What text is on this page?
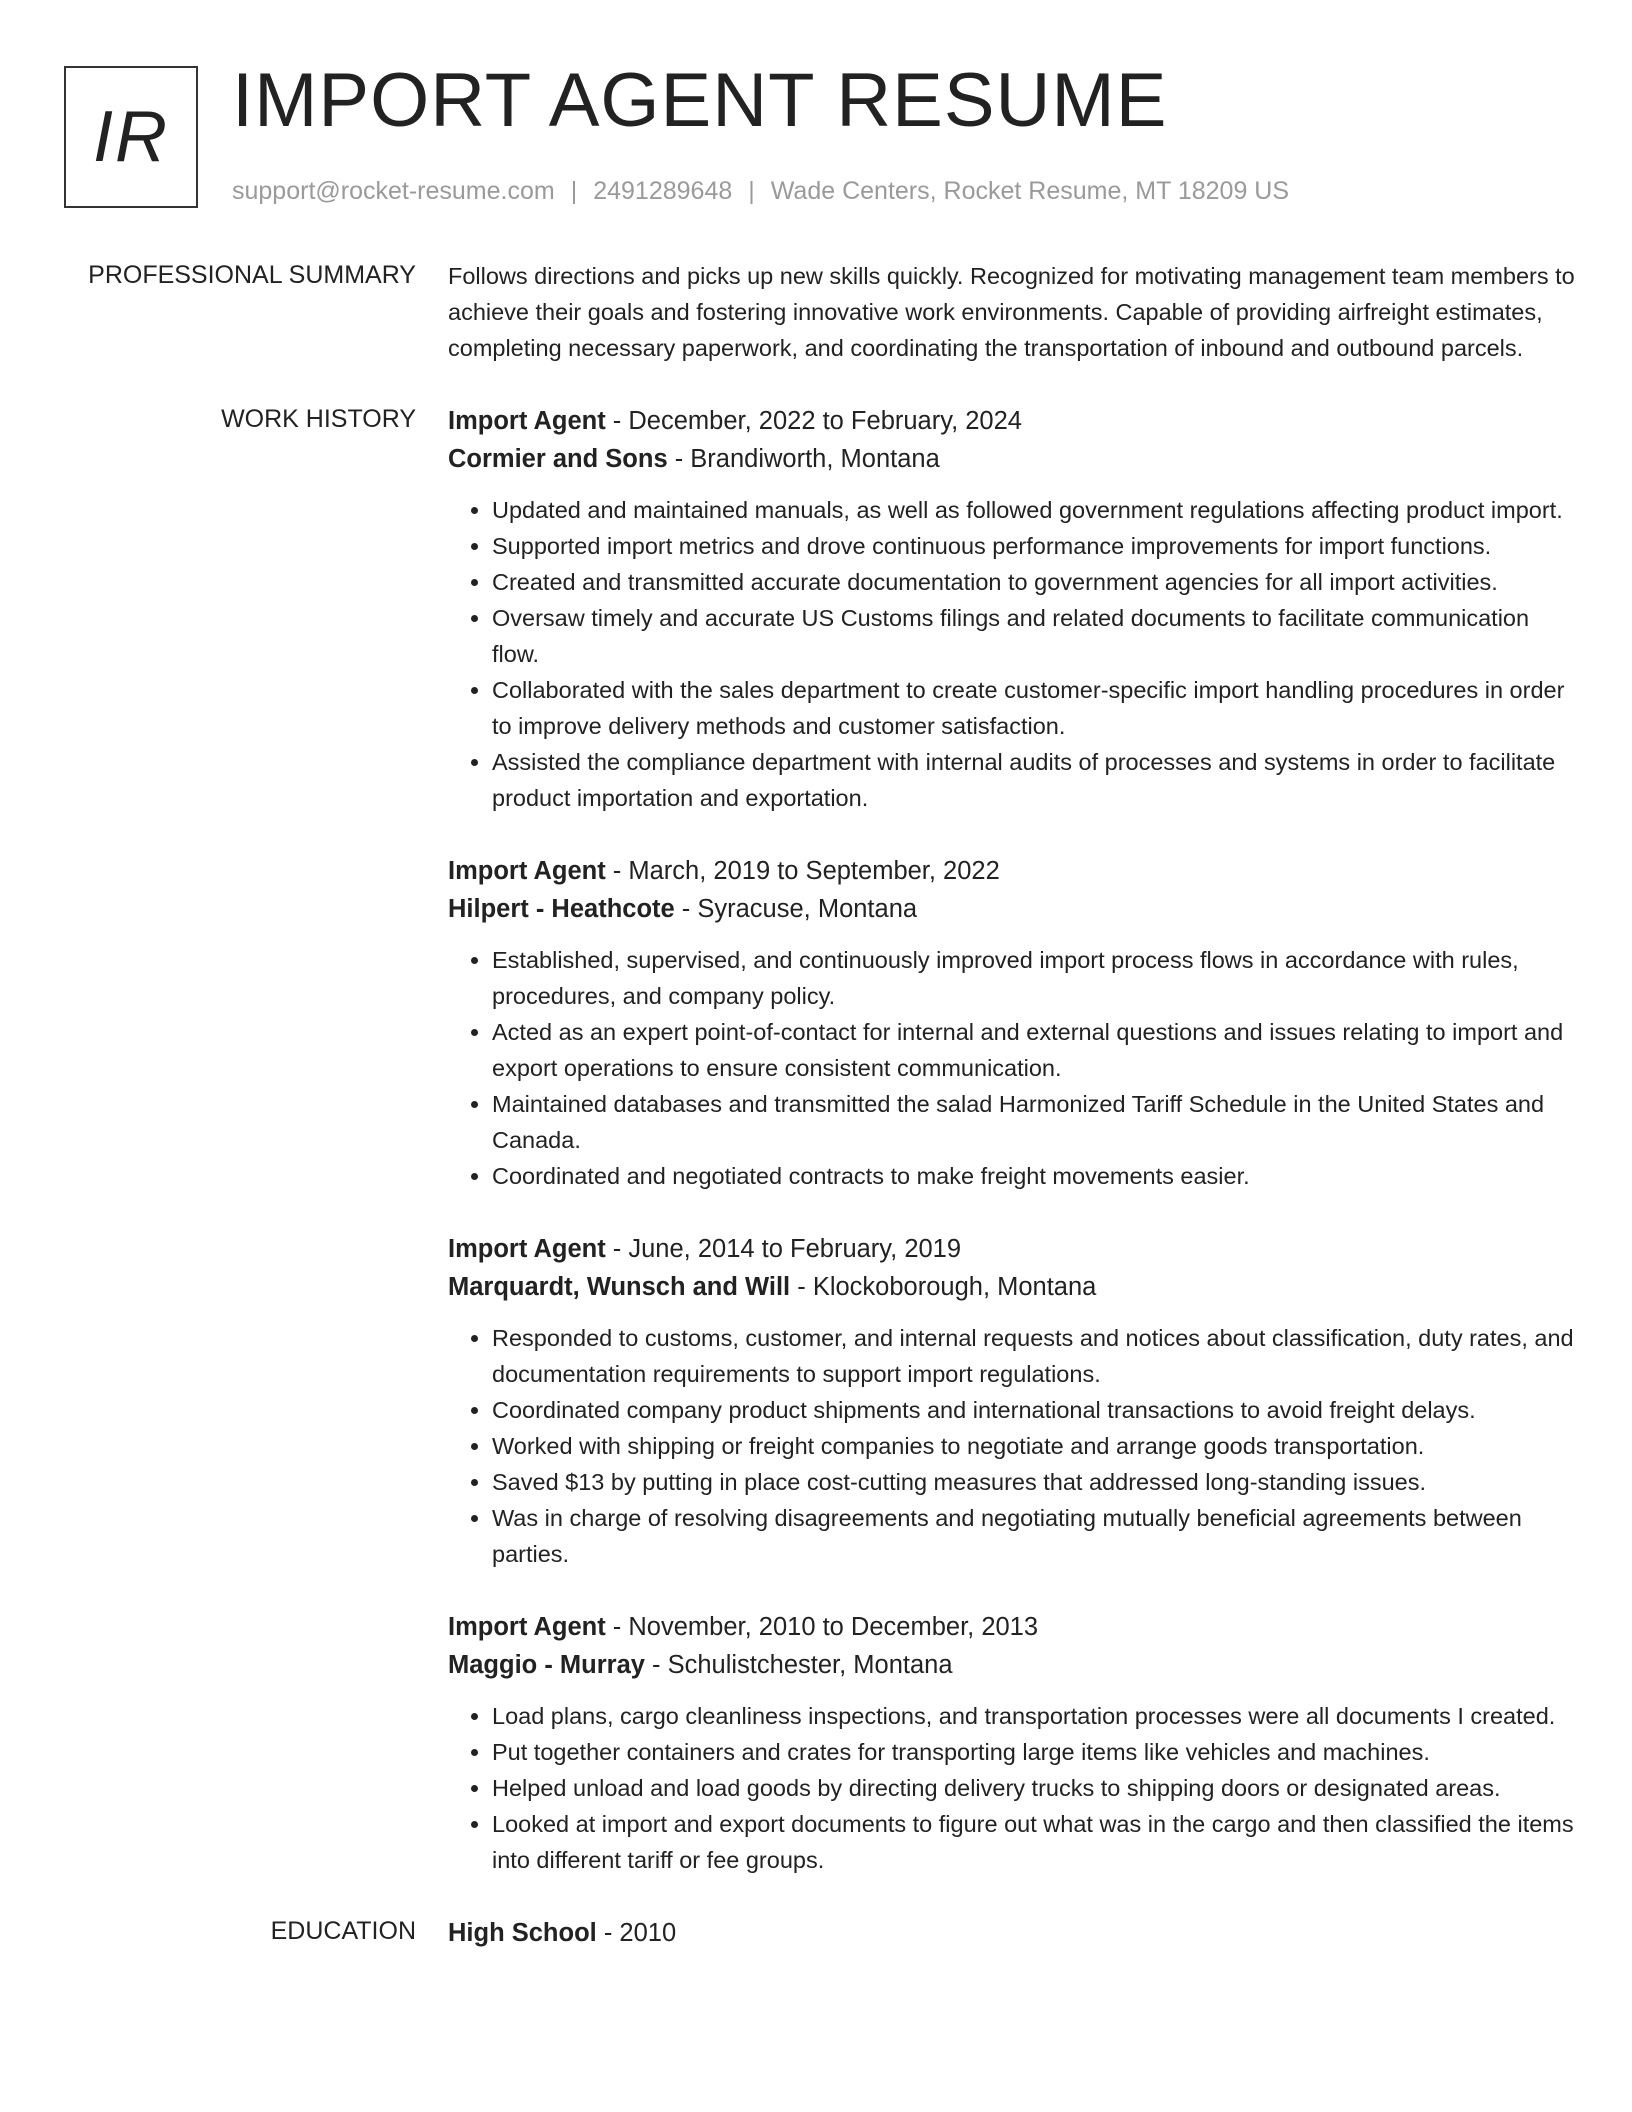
IR IMPORT AGENT RESUME
support@rocket-resume.com | 2491289648 | Wade Centers, Rocket Resume, MT 18209 US
PROFESSIONAL SUMMARY Follows directions and picks up new skills quickly. Recognized for motivating management team members to achieve their goals and fostering innovative work environments. Capable of providing airfreight estimates, completing necessary paperwork, and coordinating the transportation of inbound and outbound parcels.

WORK HISTORY Import Agent - December, 2022 to February, 2024
Cormier and Sons - Brandiworth, Montana
• Updated and maintained manuals, as well as followed government regulations affecting product import.
• Supported import metrics and drove continuous performance improvements for import functions.
• Created and transmitted accurate documentation to government agencies for all import activities.
• Oversaw timely and accurate US Customs filings and related documents to facilitate communication flow.
• Collaborated with the sales department to create customer-specific import handling procedures in order to improve delivery methods and customer satisfaction.
• Assisted the compliance department with internal audits of processes and systems in order to facilitate product importation and exportation.
Import Agent - March, 2019 to September, 2022
Hilpert - Heathcote - Syracuse, Montana
• Established, supervised, and continuously improved import process flows in accordance with rules, procedures, and company policy.
• Acted as an expert point-of-contact for internal and external questions and issues relating to import and export operations to ensure consistent communication.
• Maintained databases and transmitted the salad Harmonized Tariff Schedule in the United States and Canada.
• Coordinated and negotiated contracts to make freight movements easier.
Import Agent - June, 2014 to February, 2019
Marquardt, Wunsch and Will - Klockoborough, Montana
• Responded to customs, customer, and internal requests and notices about classification, duty rates, and documentation requirements to support import regulations.
• Coordinated company product shipments and international transactions to avoid freight delays.
• Worked with shipping or freight companies to negotiate and arrange goods transportation.
• Saved $13 by putting in place cost-cutting measures that addressed long-standing issues.
• Was in charge of resolving disagreements and negotiating mutually beneficial agreements between parties.
Import Agent - November, 2010 to December, 2013
Maggio - Murray - Schulistchester, Montana
• Load plans, cargo cleanliness inspections, and transportation processes were all documents I created.
• Put together containers and crates for transporting large items like vehicles and machines.
• Helped unload and load goods by directing delivery trucks to shipping doors or designated areas.
• Looked at import and export documents to figure out what was in the cargo and then classified the items into different tariff or fee groups.
EDUCATION High School - 2010
